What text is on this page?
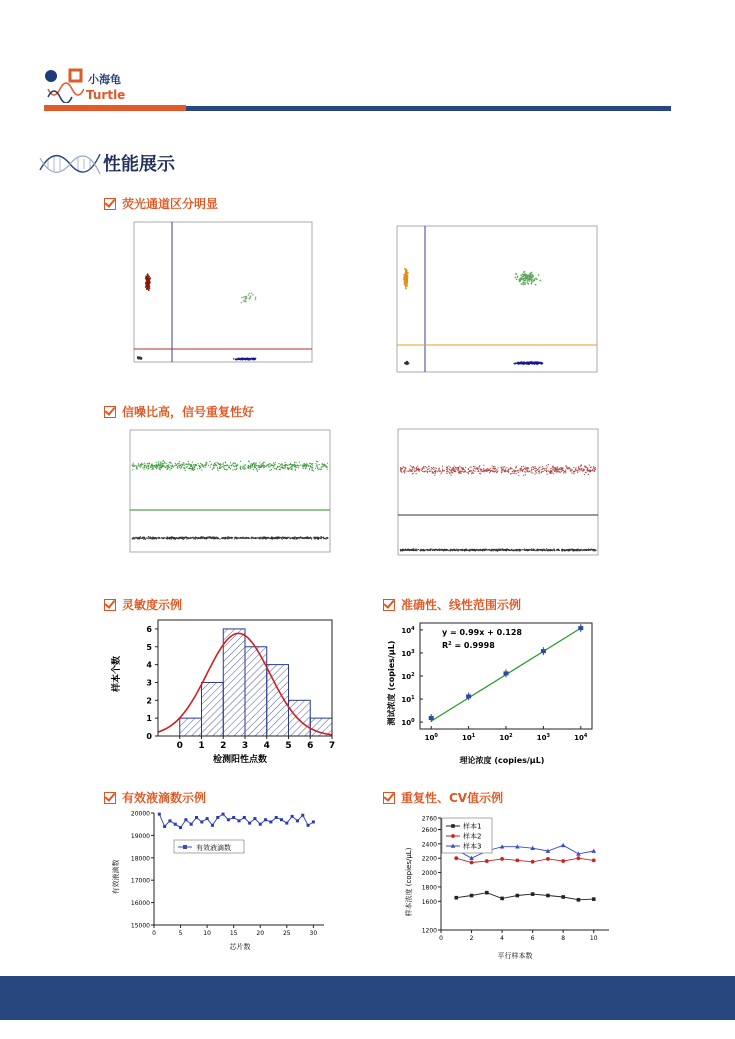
小海龟
Turtle
性能展示
荧光通道区分明显
信噪比高，信号重复性好
灵敏度示例	准确性、线性范围示例
有效液滴数示例	重复性、CV值示例
0 1 2 3 4 5 6 7
0
1
2
3
4
5
6
检测阳性点数
样本个数
$10^0$	$10^1$	$10^2$	$10^3$	$10^4$
$10^0$
$10^1$
$10^2$
$10^3$
$10^4$	y = 0.99x + 0.128
$R^2 = 0.9998$
理论浓度 (copies/μL)
测试浓度 (copies/μL)
15000
16000
17000
18000
19000
20000
0	5	10	15	20	25	30
有效液滴数
芯片数
有效液滴数
1200
1600
1800
2000
2200
2400
2600
2760
0	2	4	6	8	10
样本1
样本2
样本3
平行样本数
样本浓度 (copies/μL)
